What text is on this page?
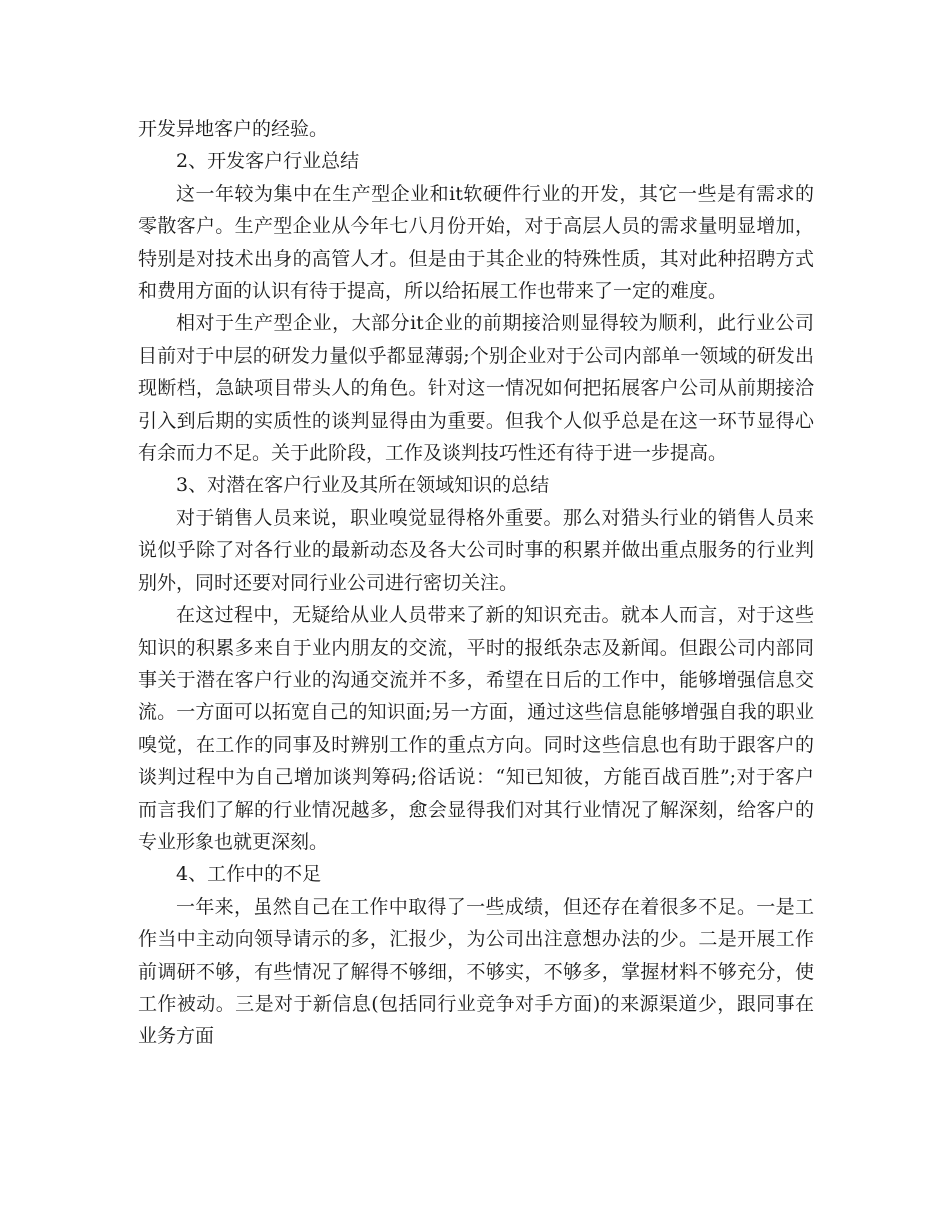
开发异地客户的经验。

2、开发客户行业总结

这一年较为集中在生产型企业和it软硬件行业的开发，其它一些是有需求的零散客户。生产型企业从今年七八月份开始，对于高层人员的需求量明显增加，特别是对技术出身的高管人才。但是由于其企业的特殊性质，其对此种招聘方式和费用方面的认识有待于提高，所以给拓展工作也带来了一定的难度。

相对于生产型企业，大部分it企业的前期接洽则显得较为顺利，此行业公司目前对于中层的研发力量似乎都显薄弱;个别企业对于公司内部单一领域的研发出现断档，急缺项目带头人的角色。针对这一情况如何把拓展客户公司从前期接洽引入到后期的实质性的谈判显得由为重要。但我个人似乎总是在这一环节显得心有余而力不足。关于此阶段，工作及谈判技巧性还有待于进一步提高。

3、对潜在客户行业及其所在领域知识的总结

对于销售人员来说，职业嗅觉显得格外重要。那么对猎头行业的销售人员来说似乎除了对各行业的最新动态及各大公司时事的积累并做出重点服务的行业判别外，同时还要对同行业公司进行密切关注。

在这过程中，无疑给从业人员带来了新的知识充击。就本人而言，对于这些知识的积累多来自于业内朋友的交流，平时的报纸杂志及新闻。但跟公司内部同事关于潜在客户行业的沟通交流并不多，希望在日后的工作中，能够增强信息交流。一方面可以拓宽自己的知识面;另一方面，通过这些信息能够增强自我的职业嗅觉，在工作的同事及时辨别工作的重点方向。同时这些信息也有助于跟客户的谈判过程中为自己增加谈判筹码;俗话说：“知已知彼，方能百战百胜”;对于客户而言我们了解的行业情况越多，愈会显得我们对其行业情况了解深刻，给客户的专业形象也就更深刻。

4、工作中的不足

一年来，虽然自己在工作中取得了一些成绩，但还存在着很多不足。一是工作当中主动向领导请示的多，汇报少，为公司出注意想办法的少。二是开展工作前调研不够，有些情况了解得不够细，不够实，不够多，掌握材料不够充分，使工作被动。三是对于新信息(包括同行业竞争对手方面)的来源渠道少，跟同事在业务方面
